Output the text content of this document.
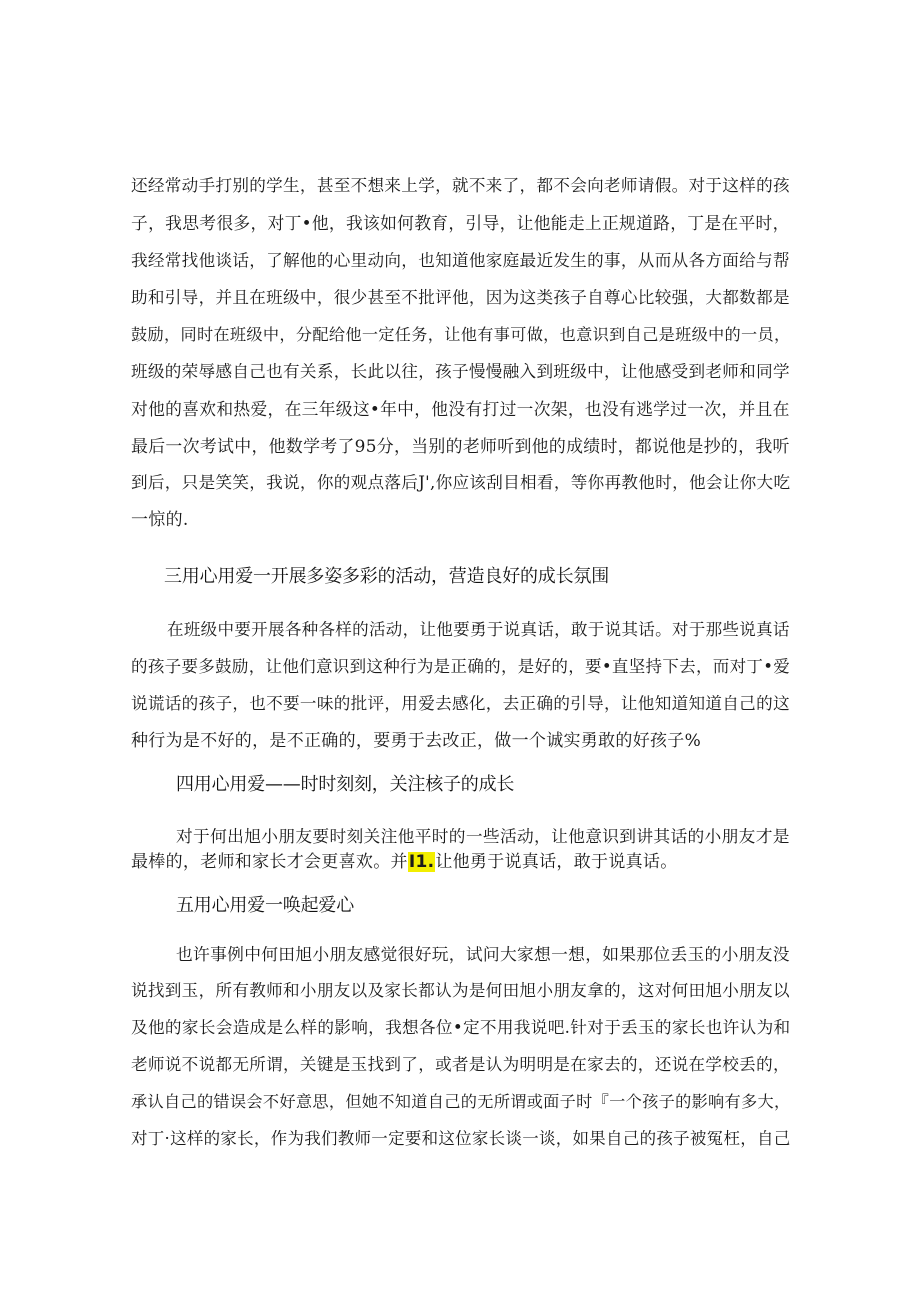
还经常动手打别的学生，甚至不想来上学，就不来了，都不会向老师请假。对于这样的孩
子，我思考很多，对丁•他，我该如何教育，引导，让他能走上正规道路，丁是在平时，
我经常找他谈话，了解他的心里动向，也知道他家庭最近发生的事，从而从各方面给与帮
助和引导，并且在班级中，很少甚至不批评他，因为这类孩子自尊心比较强，大都数都是
鼓励，同时在班级中，分配给他一定任务，让他有事可做，也意识到自己是班级中的一员，
班级的荣辱感自己也有关系，长此以往，孩子慢慢融入到班级中，让他感受到老师和同学
对他的喜欢和热爱，在三年级这•年中，他没有打过一次架，也没有逃学过一次，并且在
最后一次考试中，他数学考了95分，当别的老师听到他的成绩时，都说他是抄的，我听
到后，只是笑笑，我说，你的观点落后J',你应该刮目相看，等你再教他时，他会让你大吃
一惊的.
三用心用爱一开展多姿多彩的活动，营造良好的成长氛围
在班级中要开展各种各样的活动，让他要勇于说真话，敢于说其话。对于那些说真话
的孩子要多鼓励，让他们意识到这种行为是正确的，是好的，要•直坚持下去，而对丁•爱
说谎话的孩子，也不要一味的批评，用爱去感化，去正确的引导，让他知道知道自己的这
种行为是不好的，是不正确的，要勇于去改正，做一个诚实勇敢的好孩子%
四用心用爱——时时刻刻，关注核子的成长
对于何出旭小朋友要时刻关注他平时的一些活动，让他意识到讲其话的小朋友才是
最棒的，老师和家长才会更喜欢。并I1.让他勇于说真话，敢于说真话。
五用心用爱一唤起爱心
也许事例中何田旭小朋友感觉很好玩，试问大家想一想，如果那位丢玉的小朋友没
说找到玉，所有教师和小朋友以及家长都认为是何田旭小朋友拿的，这对何田旭小朋友以
及他的家长会造成是么样的影响，我想各位•定不用我说吧.针对于丢玉的家长也许认为和
老师说不说都无所谓，关键是玉找到了，或者是认为明明是在家去的，还说在学校丢的，
承认自己的错误会不好意思，但她不知道自己的无所谓或面子时『一个孩子的影响有多大，
对丁·这样的家长，作为我们教师一定要和这位家长谈一谈，如果自己的孩子被冤枉，自己
